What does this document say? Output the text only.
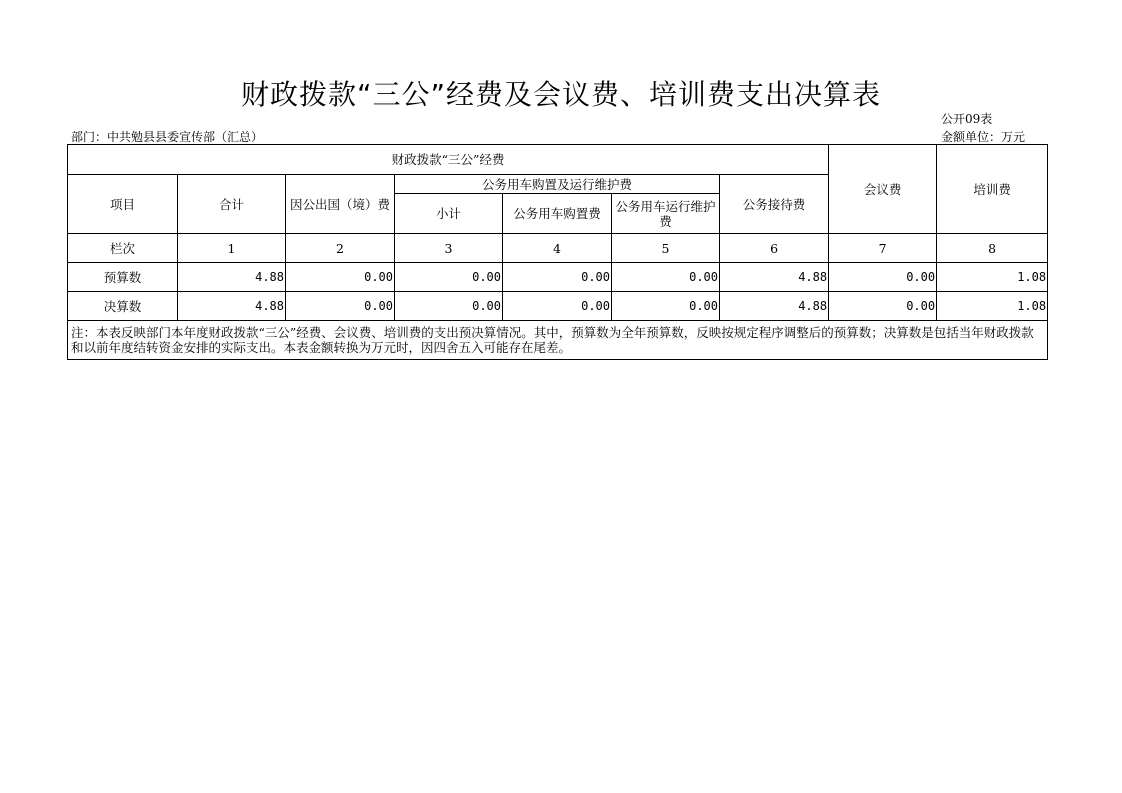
财政拨款“三公”经费及会议费、培训费支出决算表
公开09表
部门：中共勉县县委宣传部（汇总）	金额单位：万元
财政拨款“三公”经费							会议费	培训费
项目	合计	因公出国（境）费	公务用车购置及运行维护费			公务接待费		
			小计	公务用车购置费	公务用车运行维护费			
栏次	1	2	3	4	5	6	7	8
预算数	4.88	0.00	0.00	0.00	0.00	4.88	0.00	1.08
决算数	4.88	0.00	0.00	0.00	0.00	4.88	0.00	1.08
注：本表反映部门本年度财政拨款“三公”经费、会议费、培训费的支出预决算情况。其中，预算数为全年预算数，反映按规定程序调整后的预算数；决算数是包括当年财政拨款和以前年度结转资金安排的实际支出。本表金额转换为万元时，因四舍五入可能存在尾差。								
